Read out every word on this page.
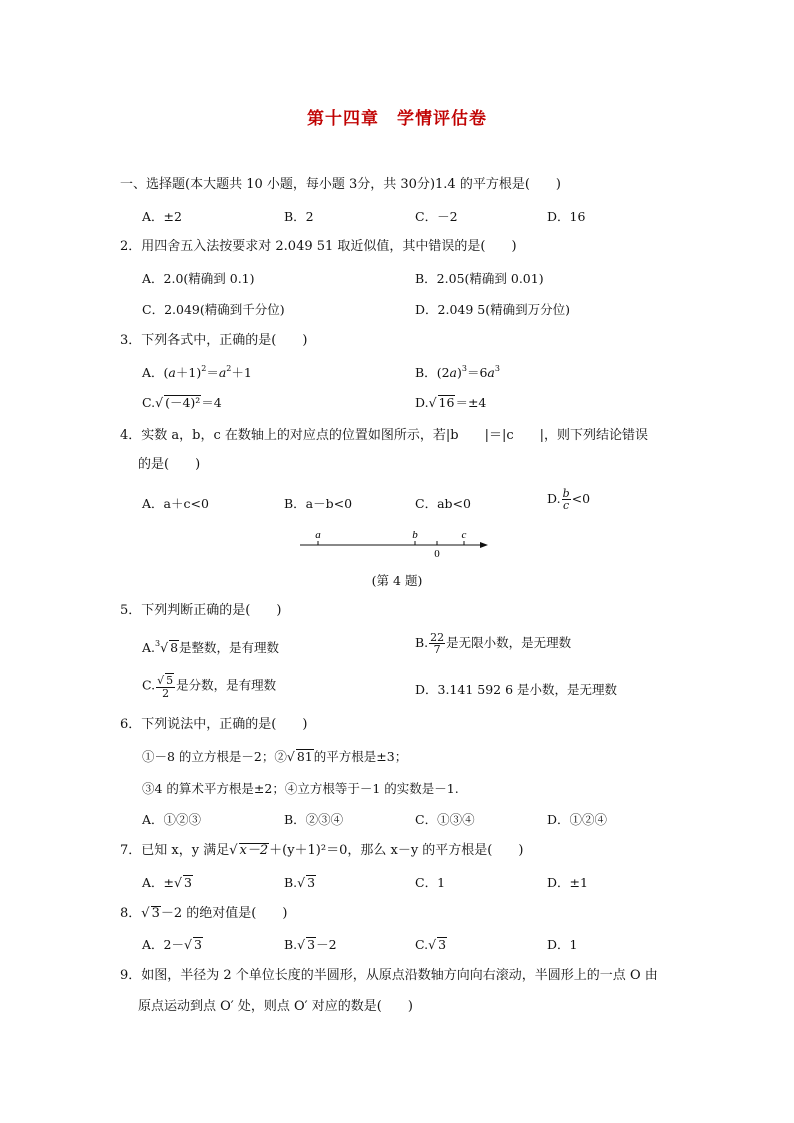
第十四章　学情评估卷
一、选择题(本大题共 10 小题，每小题 3分，共 30分)1.4 的平方根是(　　)
A．±2	B．2	C．－2	D．16
2．用四舍五入法按要求对 2.049 51 取近似值，其中错误的是(　　)
A．2.0(精确到 0.1)	B．2.05(精确到 0.01)
C．2.049(精确到千分位)	D．2.049 5(精确到万分位)
3．下列各式中，正确的是(　　)
A．$(a+1)^2=a^2+1$	B．$(2a)^3=6a^3$
C.√ (－4)²＝4	D.√ 16＝±4
4．实数 a，b，c 在数轴上的对应点的位置如图所示，若|b　　|＝|c　　|，则下列结论错误
的是(　　)
A．a＋c<0	B．a－b<0	C．ab<0	D. $\frac{b}{c} <0$
a	b	c
0
(第 4 题)
5．下列判断正确的是(　　)
A.$^3$√ 8是整数，是有理数	B. $\frac{22}{7}$ 是无限小数，是无理数
C. $\frac{√ 5}{2}$ 是分数，是有理数	D．3.141 592 6 是小数，是无理数
6．下列说法中，正确的是(　　)
①－8 的立方根是－2；②√ 81的平方根是±3；
③4 的算术平方根是±2；④立方根等于－1 的实数是－1.
A．①②③	B．②③④	C．①③④	D．①②④
7．已知 x，y 满足√ x－2＋(y＋1)²＝0，那么 x－y 的平方根是(　　)
A．±√ 3	B.√ 3	C．1	D．±1
8．√ 3－2 的绝对值是(　　)
A．2－√ 3	B.√ 3－2	C.√ 3	D．1
9．如图，半径为 2 个单位长度的半圆形，从原点沿数轴方向向右滚动，半圆形上的一点 O 由
原点运动到点 O′ 处，则点 O′ 对应的数是(　　)
